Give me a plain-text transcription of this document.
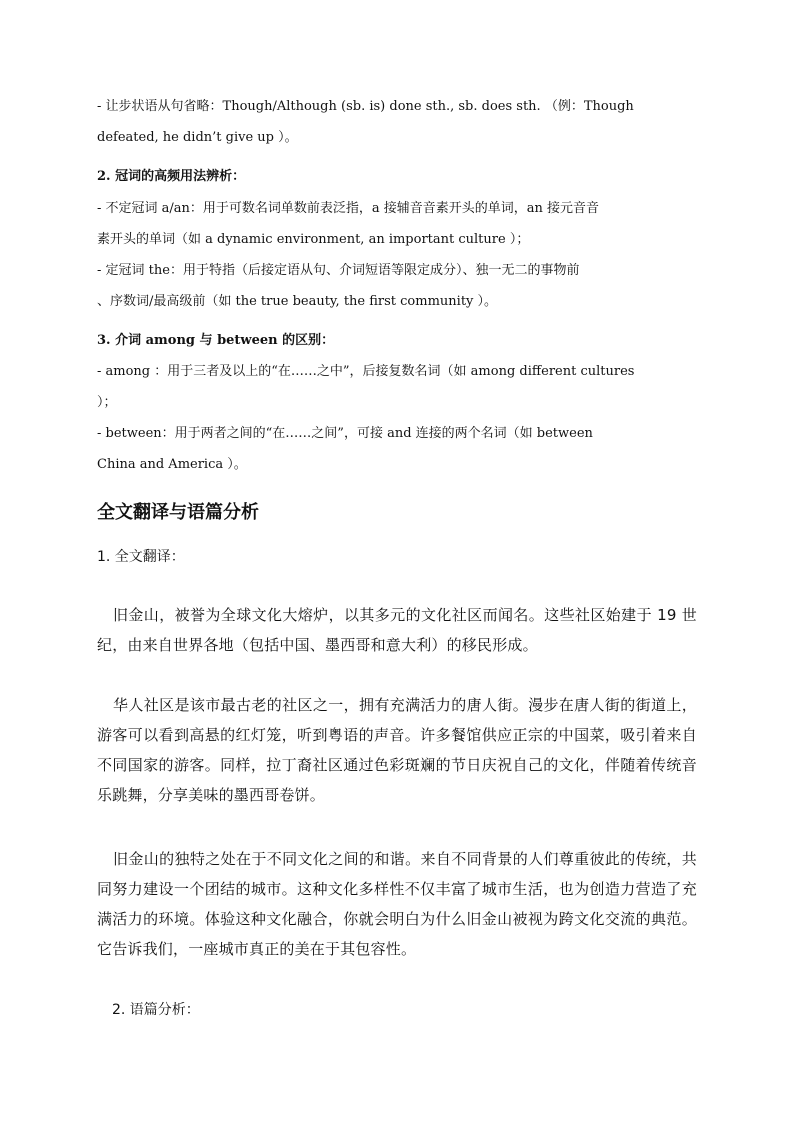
- 让步状语从句省略：Though/Although (sb. is) done sth., sb. does sth. （例：Though
defeated, he didn’t give up ）。
2. 冠词的高频用法辨析：
- 不定冠词 a/an：用于可数名词单数前表泛指，a 接辅音音素开头的单词，an 接元音音
素开头的单词（如 a dynamic environment, an important culture ）；
- 定冠词 the：用于特指（后接定语从句、介词短语等限定成分）、独一无二的事物前
、序数词/最高级前（如 the true beauty, the first community ）。
3. 介词 among 与 between 的区别：
- among ：用于三者及以上的“在……之中”，后接复数名词（如 among different cultures
）；
- between：用于两者之间的“在……之间”，可接 and 连接的两个名词（如 between
China and America ）。
全文翻译与语篇分析
1. 全文翻译：
旧金山，被誉为全球文化大熔炉，以其多元的文化社区而闻名。这些社区始建于 19 世纪，由来自世界各地（包括中国、墨西哥和意大利）的移民形成。
华人社区是该市最古老的社区之一，拥有充满活力的唐人街。漫步在唐人街的街道上，游客可以看到高悬的红灯笼，听到粤语的声音。许多餐馆供应正宗的中国菜，吸引着来自不同国家的游客。同样，拉丁裔社区通过色彩斑斓的节日庆祝自己的文化，伴随着传统音乐跳舞，分享美味的墨西哥卷饼。
旧金山的独特之处在于不同文化之间的和谐。来自不同背景的人们尊重彼此的传统，共同努力建设一个团结的城市。这种文化多样性不仅丰富了城市生活，也为创造力营造了充满活力的环境。体验这种文化融合，你就会明白为什么旧金山被视为跨文化交流的典范。它告诉我们，一座城市真正的美在于其包容性。
2. 语篇分析：
